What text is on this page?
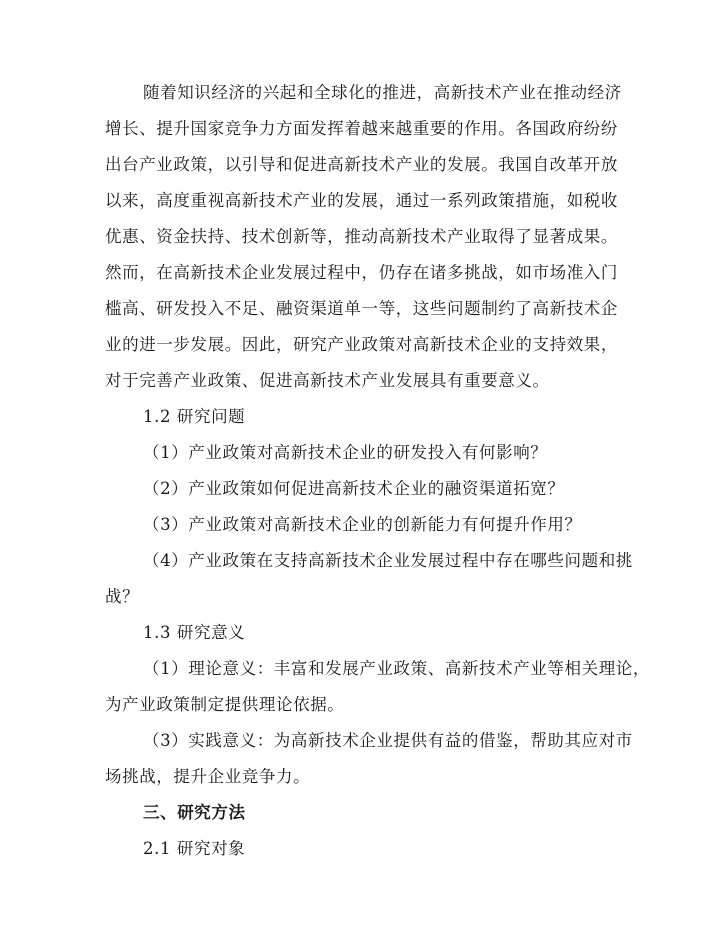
随着知识经济的兴起和全球化的推进，高新技术产业在推动经济
增长、提升国家竞争力方面发挥着越来越重要的作用。各国政府纷纷
出台产业政策，以引导和促进高新技术产业的发展。我国自改革开放
以来，高度重视高新技术产业的发展，通过一系列政策措施，如税收
优惠、资金扶持、技术创新等，推动高新技术产业取得了显著成果。
然而，在高新技术企业发展过程中，仍存在诸多挑战，如市场准入门
槛高、研发投入不足、融资渠道单一等，这些问题制约了高新技术企
业的进一步发展。因此，研究产业政策对高新技术企业的支持效果，
对于完善产业政策、促进高新技术产业发展具有重要意义。
1.2 研究问题
（1）产业政策对高新技术企业的研发投入有何影响？
（2）产业政策如何促进高新技术企业的融资渠道拓宽？
（3）产业政策对高新技术企业的创新能力有何提升作用？
（4）产业政策在支持高新技术企业发展过程中存在哪些问题和挑
战？
1.3 研究意义
（1）理论意义：丰富和发展产业政策、高新技术产业等相关理论，
为产业政策制定提供理论依据。
（3）实践意义：为高新技术企业提供有益的借鉴，帮助其应对市
场挑战，提升企业竞争力。
三、研究方法
2.1 研究对象
